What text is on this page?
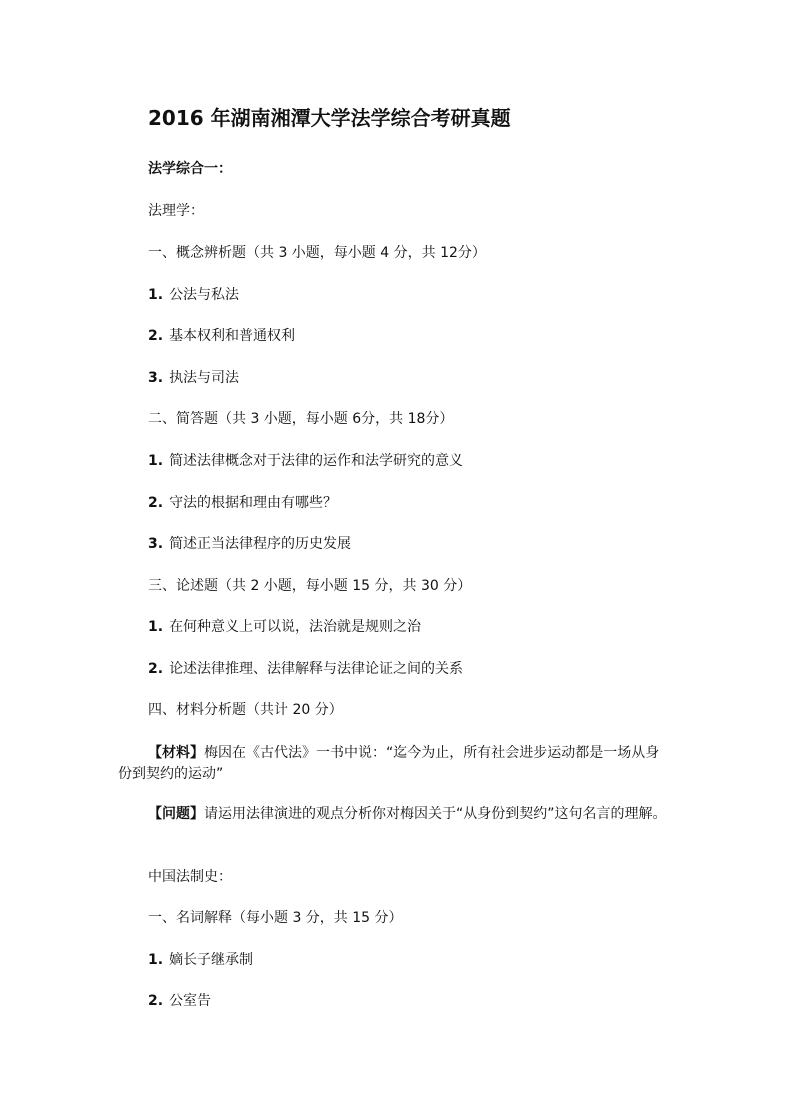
2016 年湖南湘潭大学法学综合考研真题
法学综合一：
法理学：
一、概念辨析题（共 3 小题，每小题 4 分，共 12分）
1. 公法与私法
2. 基本权利和普通权利
3. 执法与司法
二、简答题（共 3 小题，每小题 6分，共 18分）
1. 简述法律概念对于法律的运作和法学研究的意义
2. 守法的根据和理由有哪些？
3. 简述正当法律程序的历史发展
三、论述题（共 2 小题，每小题 15 分，共 30 分）
1. 在何种意义上可以说，法治就是规则之治
2. 论述法律推理、法律解释与法律论证之间的关系
四、材料分析题（共计 20 分）
【材料】梅因在《古代法》一书中说：“迄今为止，所有社会进步运动都是一场从身
份到契约的运动”
【问题】请运用法律演进的观点分析你对梅因关于“从身份到契约”这句名言的理解。
中国法制史：
一、名词解释（每小题 3 分，共 15 分）
1. 嫡长子继承制
2. 公室告
